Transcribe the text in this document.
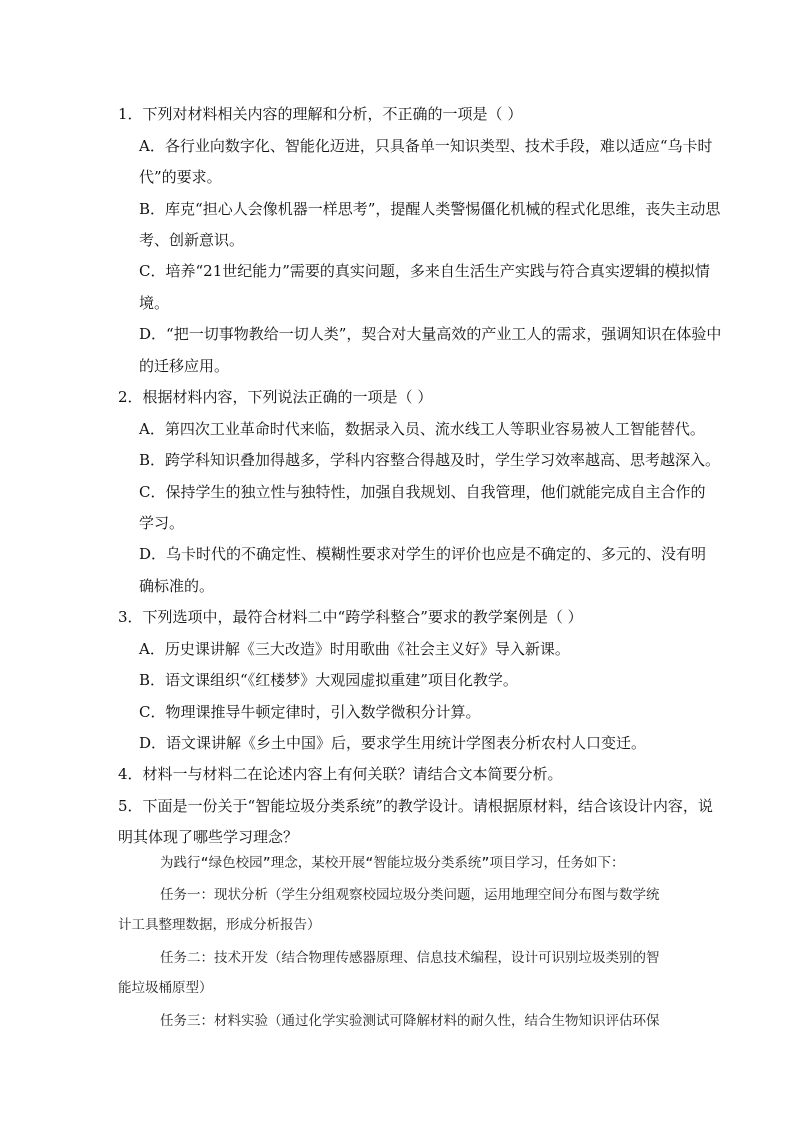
1．下列对材料相关内容的理解和分析，不正确的一项是（ ）
A．各行业向数字化、智能化迈进，只具备单一知识类型、技术手段，难以适应“乌卡时
代”的要求。
B．库克“担心人会像机器一样思考”，提醒人类警惕僵化机械的程式化思维，丧失主动思
考、创新意识。
C．培养“21世纪能力”需要的真实问题，多来自生活生产实践与符合真实逻辑的模拟情
境。
D．“把一切事物教给一切人类”，契合对大量高效的产业工人的需求，强调知识在体验中
的迁移应用。
2．根据材料内容，下列说法正确的一项是（ ）
A．第四次工业革命时代来临，数据录入员、流水线工人等职业容易被人工智能替代。
B．跨学科知识叠加得越多，学科内容整合得越及时，学生学习效率越高、思考越深入。
C．保持学生的独立性与独特性，加强自我规划、自我管理，他们就能完成自主合作的
学习。
D．乌卡时代的不确定性、模糊性要求对学生的评价也应是不确定的、多元的、没有明
确标准的。
3．下列选项中，最符合材料二中“跨学科整合”要求的教学案例是（ ）
A．历史课讲解《三大改造》时用歌曲《社会主义好》导入新课。
B．语文课组织“《红楼梦》大观园虚拟重建”项目化教学。
C．物理课推导牛顿定律时，引入数学微积分计算。
D．语文课讲解《乡土中国》后，要求学生用统计学图表分析农村人口变迁。
4．材料一与材料二在论述内容上有何关联？请结合文本简要分析。
5．下面是一份关于“智能垃圾分类系统”的教学设计。请根据原材料，结合该设计内容，说
明其体现了哪些学习理念？
为践行“绿色校园”理念，某校开展“智能垃圾分类系统”项目学习，任务如下：
任务一：现状分析（学生分组观察校园垃圾分类问题，运用地理空间分布图与数学统
计工具整理数据，形成分析报告）
任务二：技术开发（结合物理传感器原理、信息技术编程，设计可识别垃圾类别的智
能垃圾桶原型）
任务三：材料实验（通过化学实验测试可降解材料的耐久性，结合生物知识评估环保
